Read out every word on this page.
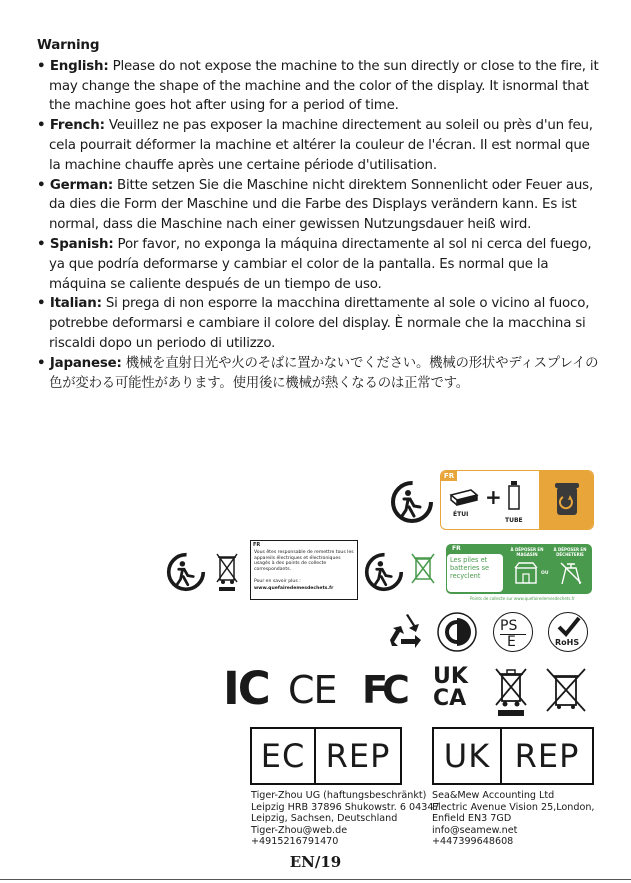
Warning
• English: Please do not expose the machine to the sun directly or close to the fire, it may change the shape of the machine and the color of the display. It isnormal that the machine goes hot after using for a period of time.
• French: Veuillez ne pas exposer la machine directement au soleil ou près d'un feu, cela pourrait déformer la machine et altérer la couleur de l'écran. Il est normal que la machine chauffe après une certaine période d'utilisation.
• German: Bitte setzen Sie die Maschine nicht direktem Sonnenlicht oder Feuer aus, da dies die Form der Maschine und die Farbe des Displays verändern kann. Es ist normal, dass die Maschine nach einer gewissen Nutzungsdauer heiß wird.
• Spanish: Por favor, no exponga la máquina directamente al sol ni cerca del fuego, ya que podría deformarse y cambiar el color de la pantalla. Es normal que la máquina se caliente después de un tiempo de uso.
• Italian: Si prega di non esporre la macchina direttamente al sole o vicino al fuoco, potrebbe deformarsi e cambiare il colore del display. È normale che la macchina si riscaldi dopo un periodo di utilizzo.
• Japanese: 機械を直射日光や火のそばに置かないでください。機械の形状やディスプレイの色が変わる可能性があります。使用後に機械が熱くなるのは正常です。
FR
ÉTUI
+
TUBE
FR
Vous êtes responsable de remettre tous les appareils électriques et électroniques usagés à des points de collecte correspondants.
Pour en savoir plus :
www.quefairedemesdechets.fr
FR
Les piles et batteries se recyclent
À DÉPOSER EN MAGASIN
À DÉPOSER EN DÉCHETERIE
OU
Points de collecte sur www.quefairedemesdechets.fr
PS
E	RoHS
IC CE FC UK
CA
EC REP	UK REP
Tiger-Zhou UG (haftungsbeschränkt)
Leipzig HRB 37896 Shukowstr. 6 04347
Leipzig, Sachsen, Deutschland
Tiger-Zhou@web.de
+4915216791470
Sea&Mew Accounting Ltd
Electric Avenue Vision 25,London,
Enfield EN3 7GD
info@seamew.net
+447399648608
EN/19
